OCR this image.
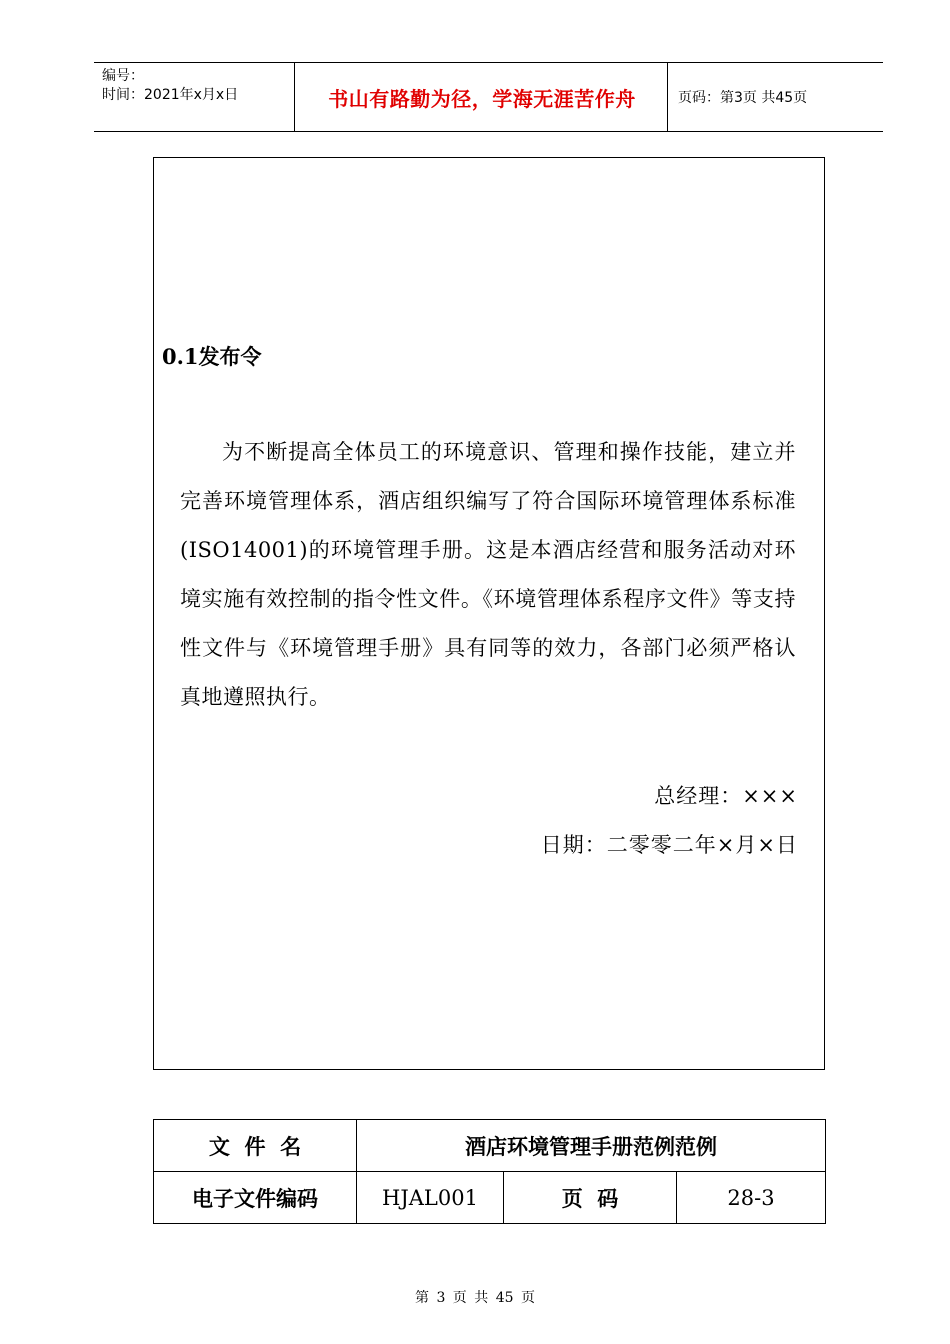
编号：
时间：2021年x月x日	书山有路勤为径，学海无涯苦作舟	页码：第3页 共45页
0.1发布令
为不断提高全体员工的环境意识、管理和操作技能，建立并完善环境管理体系，酒店组织编写了符合国际环境管理体系标准(ISO14001)的环境管理手册。这是本酒店经营和服务活动对环境实施有效控制的指令性文件。《环境管理体系程序文件》等支持性文件与《环境管理手册》具有同等的效力，各部门必须严格认真地遵照执行。
总经理：×××
日期：二零零二年×月×日
文  件  名	酒店环境管理手册范例范例		
电子文件编码	HJAL001	页  码	28-3
第 3 页 共 45 页
